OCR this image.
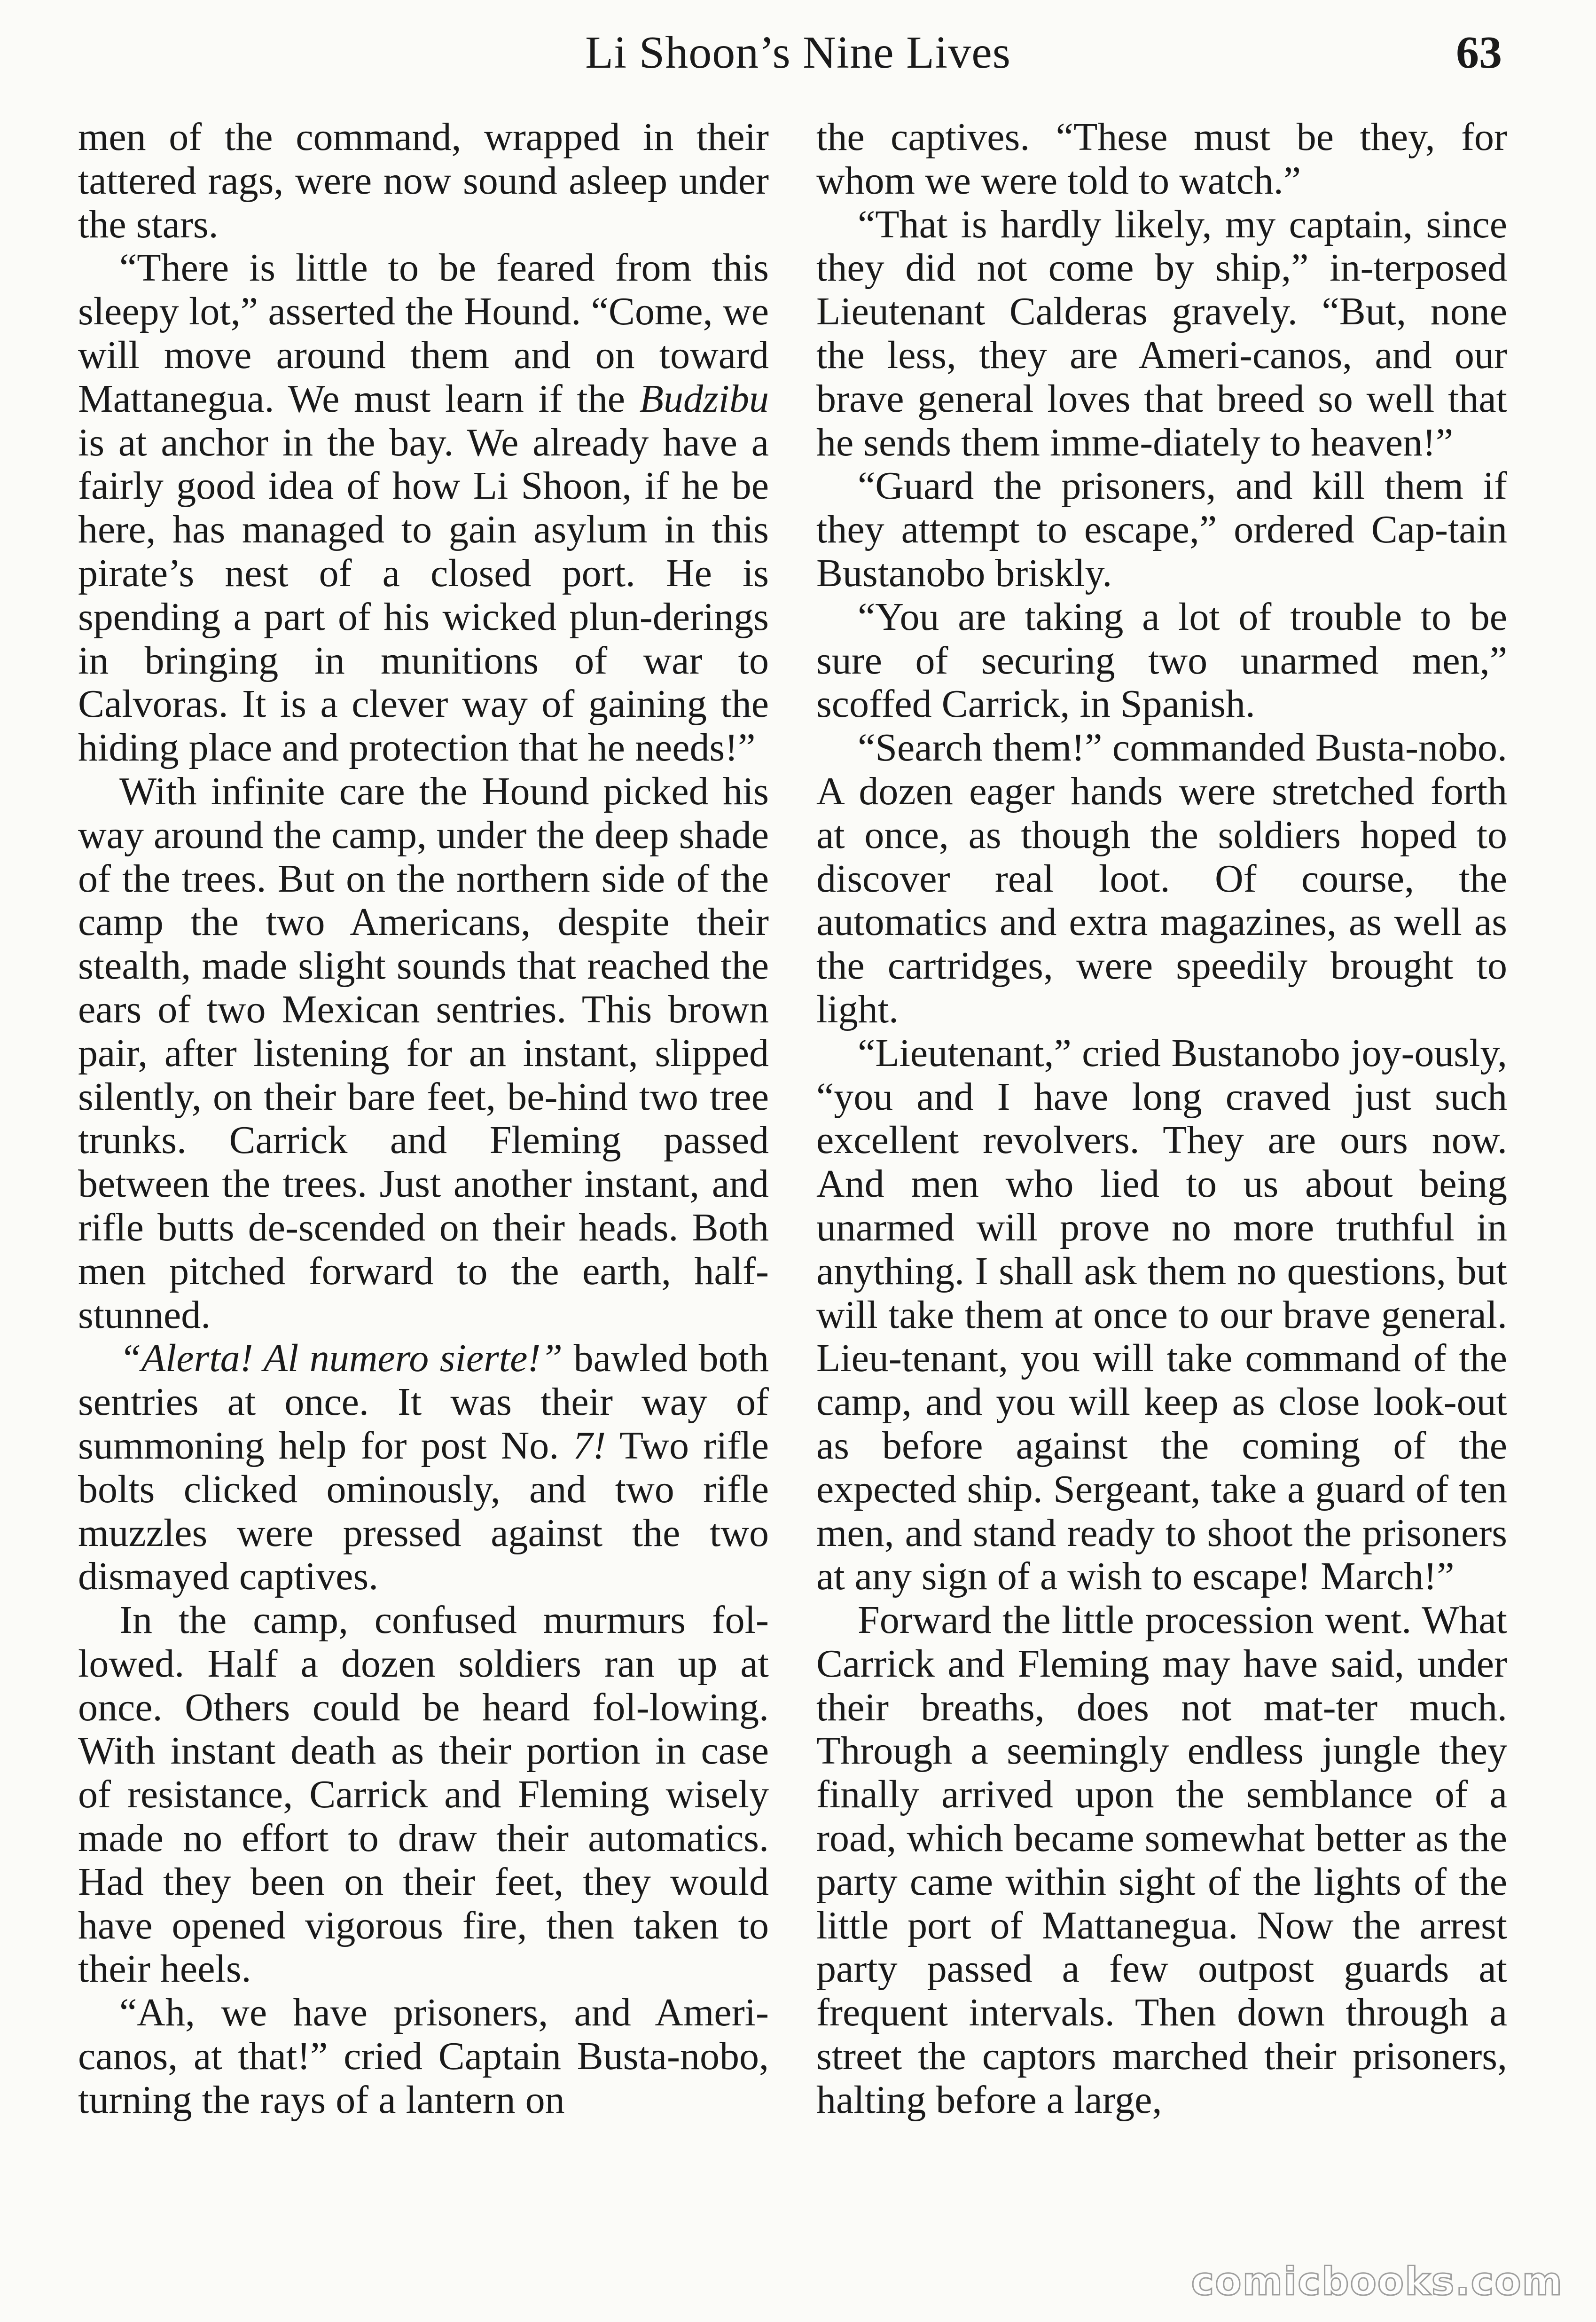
Li Shoon’s Nine Lives	63

men of the command, wrapped in their tattered rags, were now sound asleep under the stars.

“There is little to be feared from this sleepy lot,” asserted the Hound. “Come, we will move around them and on toward Mattanegua. We must learn if the Budzibu is at anchor in the bay. We already have a fairly good idea of how Li Shoon, if he be here, has managed to gain asylum in this pirate’s nest of a closed port. He is spending a part of his wicked plun-derings in bringing in munitions of war to Calvoras. It is a clever way of gaining the hiding place and protection that he needs!”

With infinite care the Hound picked his way around the camp, under the deep shade of the trees. But on the northern side of the camp the two Americans, despite their stealth, made slight sounds that reached the ears of two Mexican sentries. This brown pair, after listening for an instant, slipped silently, on their bare feet, be-hind two tree trunks. Carrick and Fleming passed between the trees. Just another instant, and rifle butts de-scended on their heads. Both men pitched forward to the earth, half-stunned.

“Alerta! Al numero sierte!” bawled both sentries at once. It was their way of summoning help for post No. 7! Two rifle bolts clicked ominously, and two rifle muzzles were pressed against the two dismayed captives.

In the camp, confused murmurs fol-lowed. Half a dozen soldiers ran up at once. Others could be heard fol-lowing. With instant death as their portion in case of resistance, Carrick and Fleming wisely made no effort to draw their automatics. Had they been on their feet, they would have opened vigorous fire, then taken to their heels.

“Ah, we have prisoners, and Ameri-canos, at that!” cried Captain Busta-nobo, turning the rays of a lantern on

the captives. “These must be they, for whom we were told to watch.”

“That is hardly likely, my captain, since they did not come by ship,” in-terposed Lieutenant Calderas gravely. “But, none the less, they are Ameri-canos, and our brave general loves that breed so well that he sends them imme-diately to heaven!”

“Guard the prisoners, and kill them if they attempt to escape,” ordered Cap-tain Bustanobo briskly.

“You are taking a lot of trouble to be sure of securing two unarmed men,” scoffed Carrick, in Spanish.

“Search them!” commanded Busta-nobo. A dozen eager hands were stretched forth at once, as though the soldiers hoped to discover real loot. Of course, the automatics and extra magazines, as well as the cartridges, were speedily brought to light.

“Lieutenant,” cried Bustanobo joy-ously, “you and I have long craved just such excellent revolvers. They are ours now. And men who lied to us about being unarmed will prove no more truthful in anything. I shall ask them no questions, but will take them at once to our brave general. Lieu-tenant, you will take command of the camp, and you will keep as close look-out as before against the coming of the expected ship. Sergeant, take a guard of ten men, and stand ready to shoot the prisoners at any sign of a wish to escape! March!”

Forward the little procession went. What Carrick and Fleming may have said, under their breaths, does not mat-ter much. Through a seemingly endless jungle they finally arrived upon the semblance of a road, which became somewhat better as the party came within sight of the lights of the little port of Mattanegua. Now the arrest party passed a few outpost guards at frequent intervals. Then down through a street the captors marched their prisoners, halting before a large,

comicbooks.com
